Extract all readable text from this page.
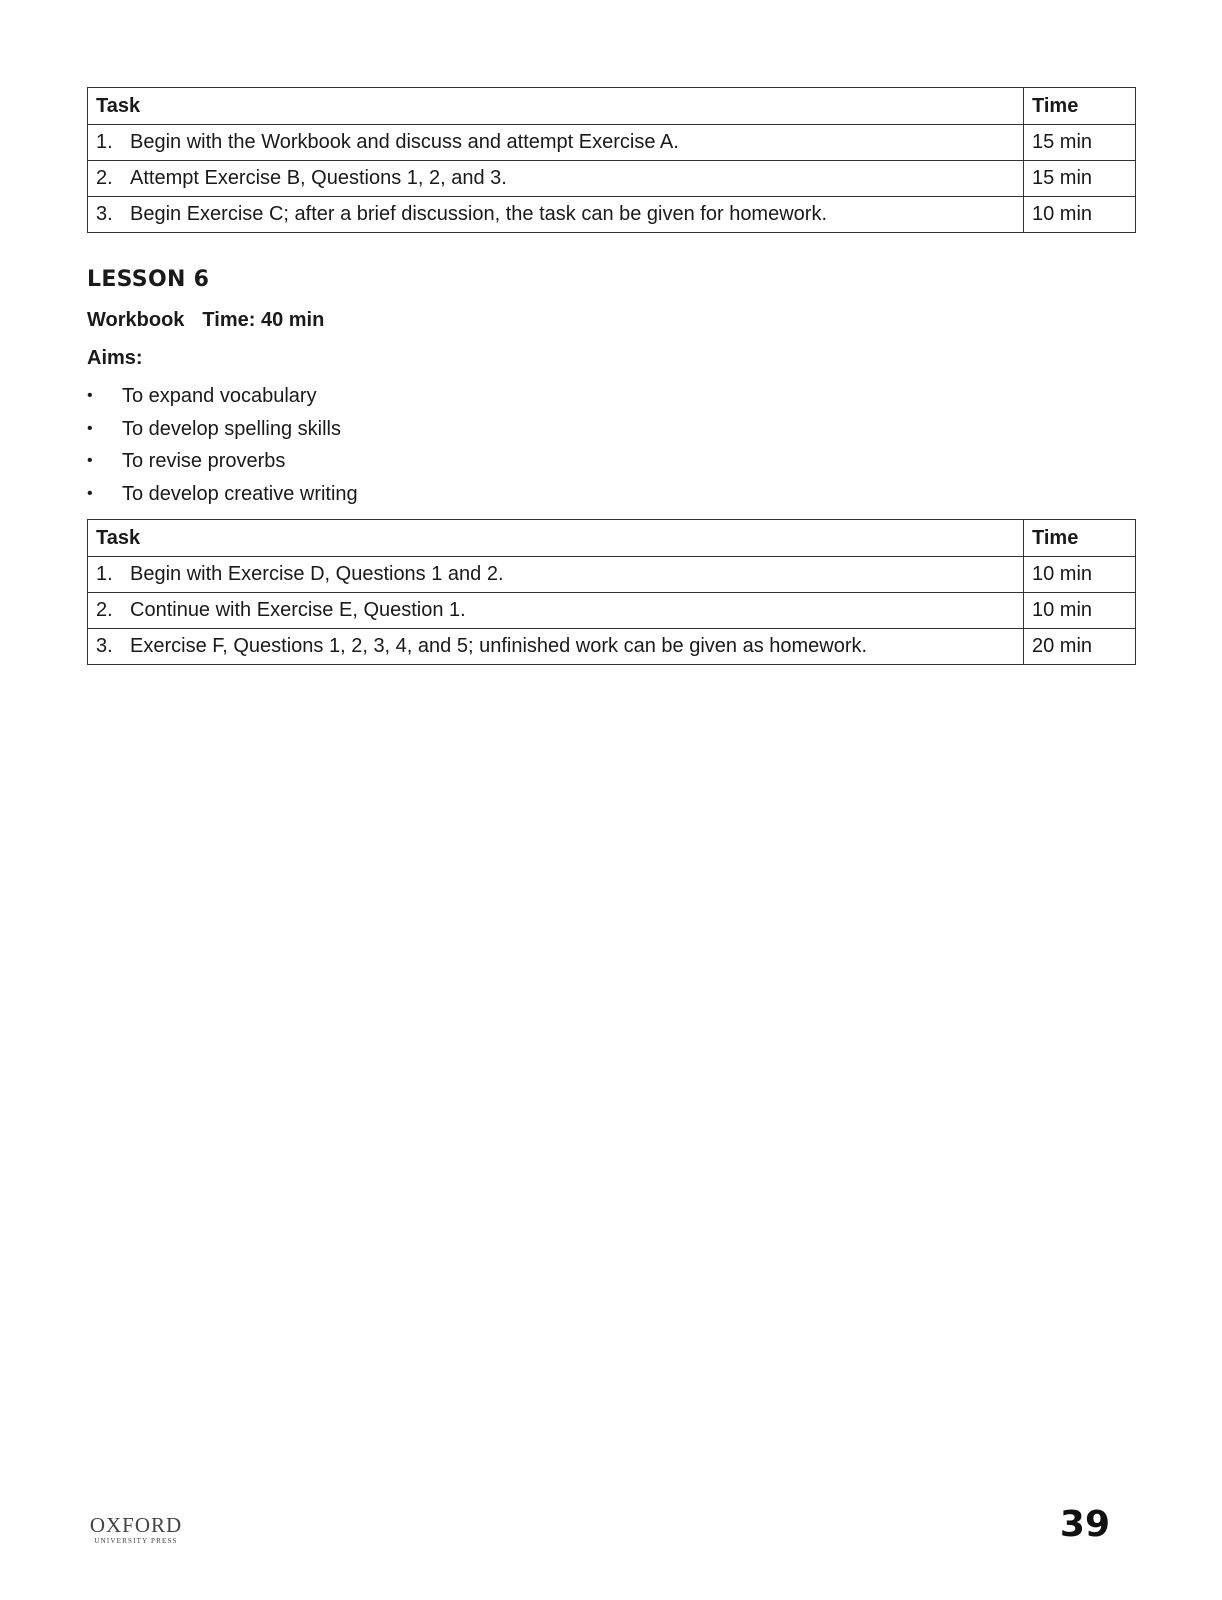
Task	Time
1. Begin with the Workbook and discuss and attempt Exercise A.	15 min
2. Attempt Exercise B, Questions 1, 2, and 3.	15 min
3. Begin Exercise C; after a brief discussion, the task can be given for homework.	10 min
LESSON 6
Workbook Time: 40 min
Aims:
• To expand vocabulary
• To develop spelling skills
• To revise proverbs
• To develop creative writing
Task	Time
1. Begin with Exercise D, Questions 1 and 2.	10 min
2. Continue with Exercise E, Question 1.	10 min
3. Exercise F, Questions 1, 2, 3, 4, and 5; unfinished work can be given as homework.	20 min
OXFORD
UNIVERSITY PRESS	39
